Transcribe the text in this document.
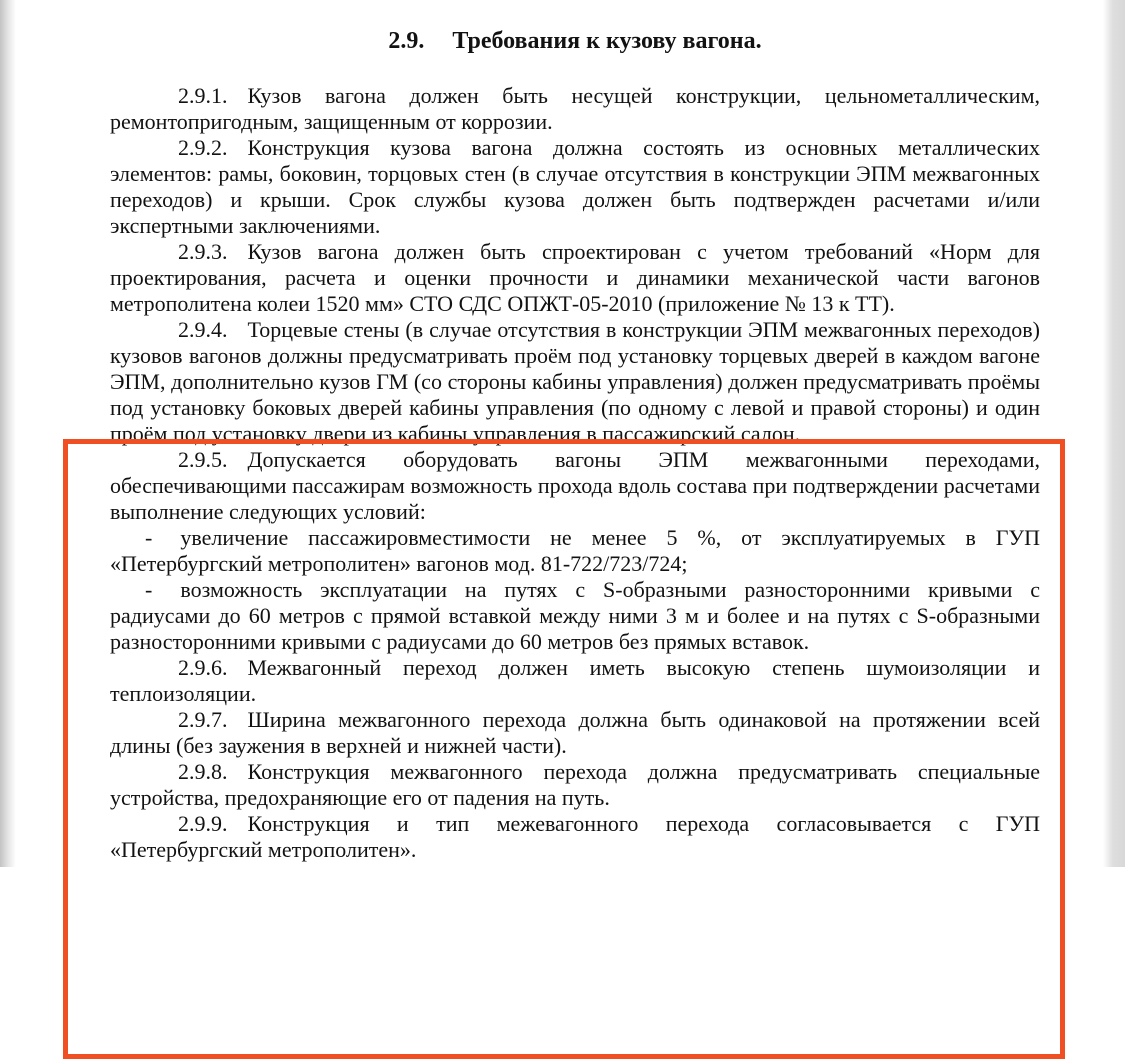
2.9. Требования к кузову вагона.

2.9.1. Кузов вагона должен быть несущей конструкции, цельнометаллическим, ремонтопригодным, защищенным от коррозии.

2.9.2. Конструкция кузова вагона должна состоять из основных металлических элементов: рамы, боковин, торцовых стен (в случае отсутствия в конструкции ЭПМ межвагонных переходов) и крыши. Срок службы кузова должен быть подтвержден расчетами и/или экспертными заключениями.

2.9.3. Кузов вагона должен быть спроектирован с учетом требований «Норм для проектирования, расчета и оценки прочности и динамики механической части вагонов метрополитена колеи 1520 мм» СТО СДС ОПЖТ-05-2010 (приложение № 13 к ТТ).

2.9.4. Торцевые стены (в случае отсутствия в конструкции ЭПМ межвагонных переходов) кузовов вагонов должны предусматривать проём под установку торцевых дверей в каждом вагоне ЭПМ, дополнительно кузов ГМ (со стороны кабины управления) должен предусматривать проёмы под установку боковых дверей кабины управления (по одному с левой и правой стороны) и один проём под установку двери из кабины управления в пассажирский салон.

2.9.5. Допускается оборудовать вагоны ЭПМ межвагонными переходами, обеспечивающими пассажирам возможность прохода вдоль состава при подтверждении расчетами выполнение следующих условий:

- увеличение пассажировместимости не менее 5 %, от эксплуатируемых в ГУП «Петербургский метрополитен» вагонов мод. 81-722/723/724;

- возможность эксплуатации на путях с S-образными разносторонними кривыми с радиусами до 60 метров с прямой вставкой между ними 3 м и более и на путях с S-образными разносторонними кривыми с радиусами до 60 метров без прямых вставок.

2.9.6. Межвагонный переход должен иметь высокую степень шумоизоляции и теплоизоляции.

2.9.7. Ширина межвагонного перехода должна быть одинаковой на протяжении всей длины (без заужения в верхней и нижней части).

2.9.8. Конструкция межвагонного перехода должна предусматривать специальные устройства, предохраняющие его от падения на путь.

2.9.9. Конструкция и тип межевагонного перехода согласовывается с ГУП «Петербургский метрополитен».
